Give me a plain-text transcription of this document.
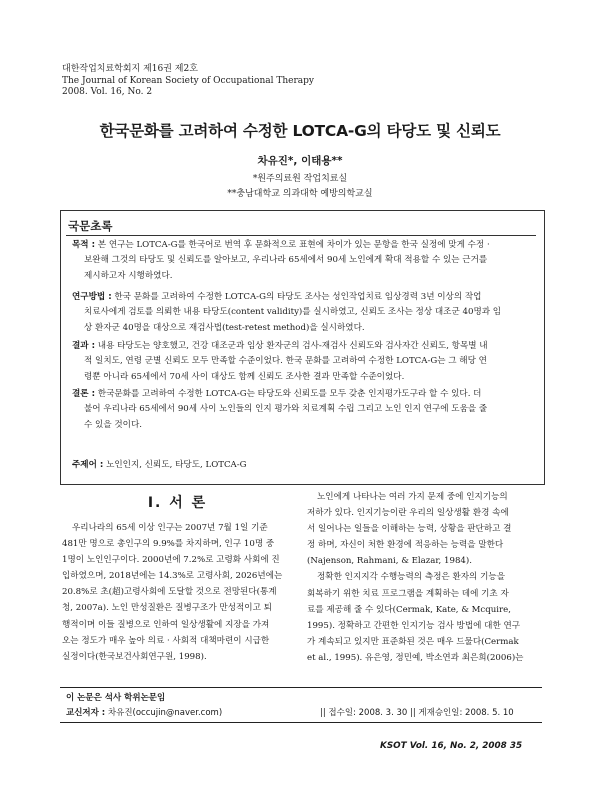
대한작업치료학회지 제16권 제2호
The Journal of Korean Society of Occupational Therapy
2008. Vol. 16, No. 2
한국문화를 고려하여 수정한 LOTCA-G의 타당도 및 신뢰도
차유진*, 이태용**
*원주의료원 작업치료실
**충남대학교 의과대학 예방의학교실
국문초록
목적 : 본 연구는 LOTCA-G를 한국어로 번역 후 문화적으로 표현에 차이가 있는 문항을 한국 실정에 맞게 수정 ·
보완해 그것의 타당도 및 신뢰도를 알아보고, 우리나라 65세에서 90세 노인에게 확대 적용할 수 있는 근거를
제시하고자 시행하였다.
연구방법 : 한국 문화를 고려하여 수정한 LOTCA-G의 타당도 조사는 성인작업치료 임상경력 3년 이상의 작업
치료사에게 검토를 의뢰한 내용 타당도(content validity)를 실시하였고, 신뢰도 조사는 정상 대조군 40명과 임
상 환자군 40명을 대상으로 재검사법(test-retest method)을 실시하였다.
결과 : 내용 타당도는 양호했고, 건강 대조군과 임상 환자군의 검사-재검사 신뢰도와 검사자간 신뢰도, 항목별 내
적 일치도, 연령 군별 신뢰도 모두 만족할 수준이었다. 한국 문화를 고려하여 수정한 LOTCA-G는 그 해당 연
령뿐 아니라 65세에서 70세 사이 대상도 함께 신뢰도 조사한 결과 만족할 수준이었다.
결론 : 한국문화를 고려하여 수정한 LOTCA-G는 타당도와 신뢰도를 모두 갖춘 인지평가도구라 할 수 있다. 더
불어 우리나라 65세에서 90세 사이 노인들의 인지 평가와 치료계획 수립 그리고 노인 인지 연구에 도움을 줄
수 있을 것이다.
주제어 : 노인인지, 신뢰도, 타당도, LOTCA-G
I. 서 론
우리나라의 65세 이상 인구는 2007년 7월 1일 기준
481만 명으로 총인구의 9.9%를 차지하며, 인구 10명 중
1명이 노인인구이다. 2000년에 7.2%로 고령화 사회에 진
입하였으며, 2018년에는 14.3%로 고령사회, 2026년에는
20.8%로 초(超)고령사회에 도달할 것으로 전망된다(통계
청, 2007a). 노인 만성질환은 질병구조가 만성적이고 퇴
행적이며 이들 질병으로 인하여 일상생활에 지장을 가져
오는 정도가 매우 높아 의료 · 사회적 대책마련이 시급한
실정이다(한국보건사회연구원, 1998).
노인에게 나타나는 여러 가지 문제 중에 인지기능의
저하가 있다. 인지기능이란 우리의 일상생활 환경 속에
서 일어나는 일들을 이해하는 능력, 상황을 판단하고 결
정 하며, 자신이 처한 환경에 적응하는 능력을 말한다
(Najenson, Rahmani, & Elazar, 1984).
정확한 인지지각 수행능력의 측정은 환자의 기능을
회복하기 위한 치료 프로그램을 계획하는 데에 기초 자
료를 제공해 줄 수 있다(Cermak, Kate, & Mcquire,
1995). 정확하고 간편한 인지기능 검사 방법에 대한 연구
가 계속되고 있지만 표준화된 것은 매우 드물다(Cermak
et al., 1995). 유은영, 정민예, 박소연과 최은희(2006)는
이 논문은 석사 학위논문임
교신저자 : 차유진(occujin@naver.com)	|| 접수일: 2008. 3. 30 || 게재승인일: 2008. 5. 10
KSOT Vol. 16, No. 2, 2008 35
